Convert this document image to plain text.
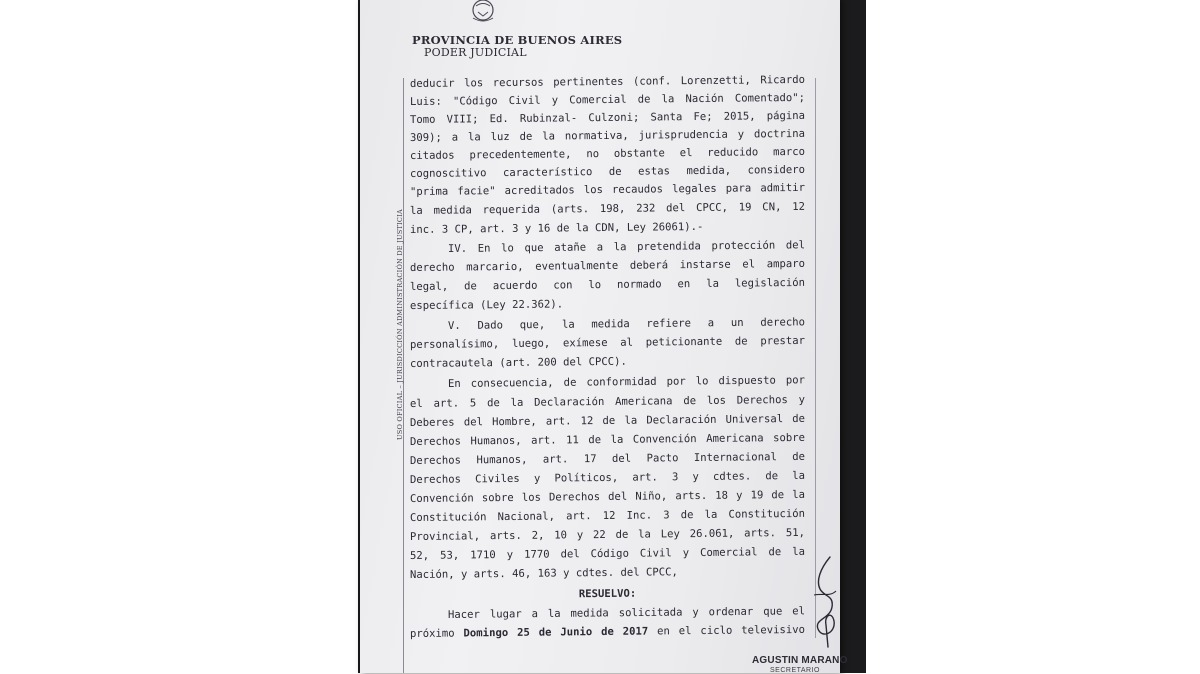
PROVINCIA DE BUENOS AIRES
PODER JUDICIAL
USO OFICIAL – JURISDICCIÓN ADMINISTRACIÓN DE JUSTICIA
deducir los recursos pertinentes (conf. Lorenzetti, Ricardo
Luis: "Código Civil y Comercial de la Nación Comentado";
Tomo VIII; Ed. Rubinzal- Culzoni; Santa Fe; 2015, página
309); a la luz de la normativa, jurisprudencia y doctrina
citados precedentemente, no obstante el reducido marco
cognoscitivo característico de estas medida, considero
"prima facie" acreditados los recaudos legales para admitir
la medida requerida (arts. 198, 232 del CPCC, 19 CN, 12
inc. 3 CP, art. 3 y 16 de la CDN, Ley 26061).-
IV. En lo que atañe a la pretendida protección del
derecho marcario, eventualmente deberá instarse el amparo
legal, de acuerdo con lo normado en la legislación
específica (Ley 22.362).
V. Dado que, la medida refiere a un derecho
personalísimo, luego, exímese al peticionante de prestar
contracautela (art. 200 del CPCC).
En consecuencia, de conformidad por lo dispuesto por
el art. 5 de la Declaración Americana de los Derechos y
Deberes del Hombre, art. 12 de la Declaración Universal de
Derechos Humanos, art. 11 de la Convención Americana sobre
Derechos Humanos, art. 17 del Pacto Internacional de
Derechos Civiles y Políticos, art. 3 y cdtes. de la
Convención sobre los Derechos del Niño, arts. 18 y 19 de la
Constitución Nacional, art. 12 Inc. 3 de la Constitución
Provincial, arts. 2, 10 y 22 de la Ley 26.061, arts. 51,
52, 53, 1710 y 1770 del Código Civil y Comercial de la
Nación, y arts. 46, 163 y cdtes. del CPCC,
RESUELVO:
Hacer lugar a la medida solicitada y ordenar que el
próximo Domingo 25 de Junio de 2017 en el ciclo televisivo
AGUSTIN MARANO
SECRETARIO
